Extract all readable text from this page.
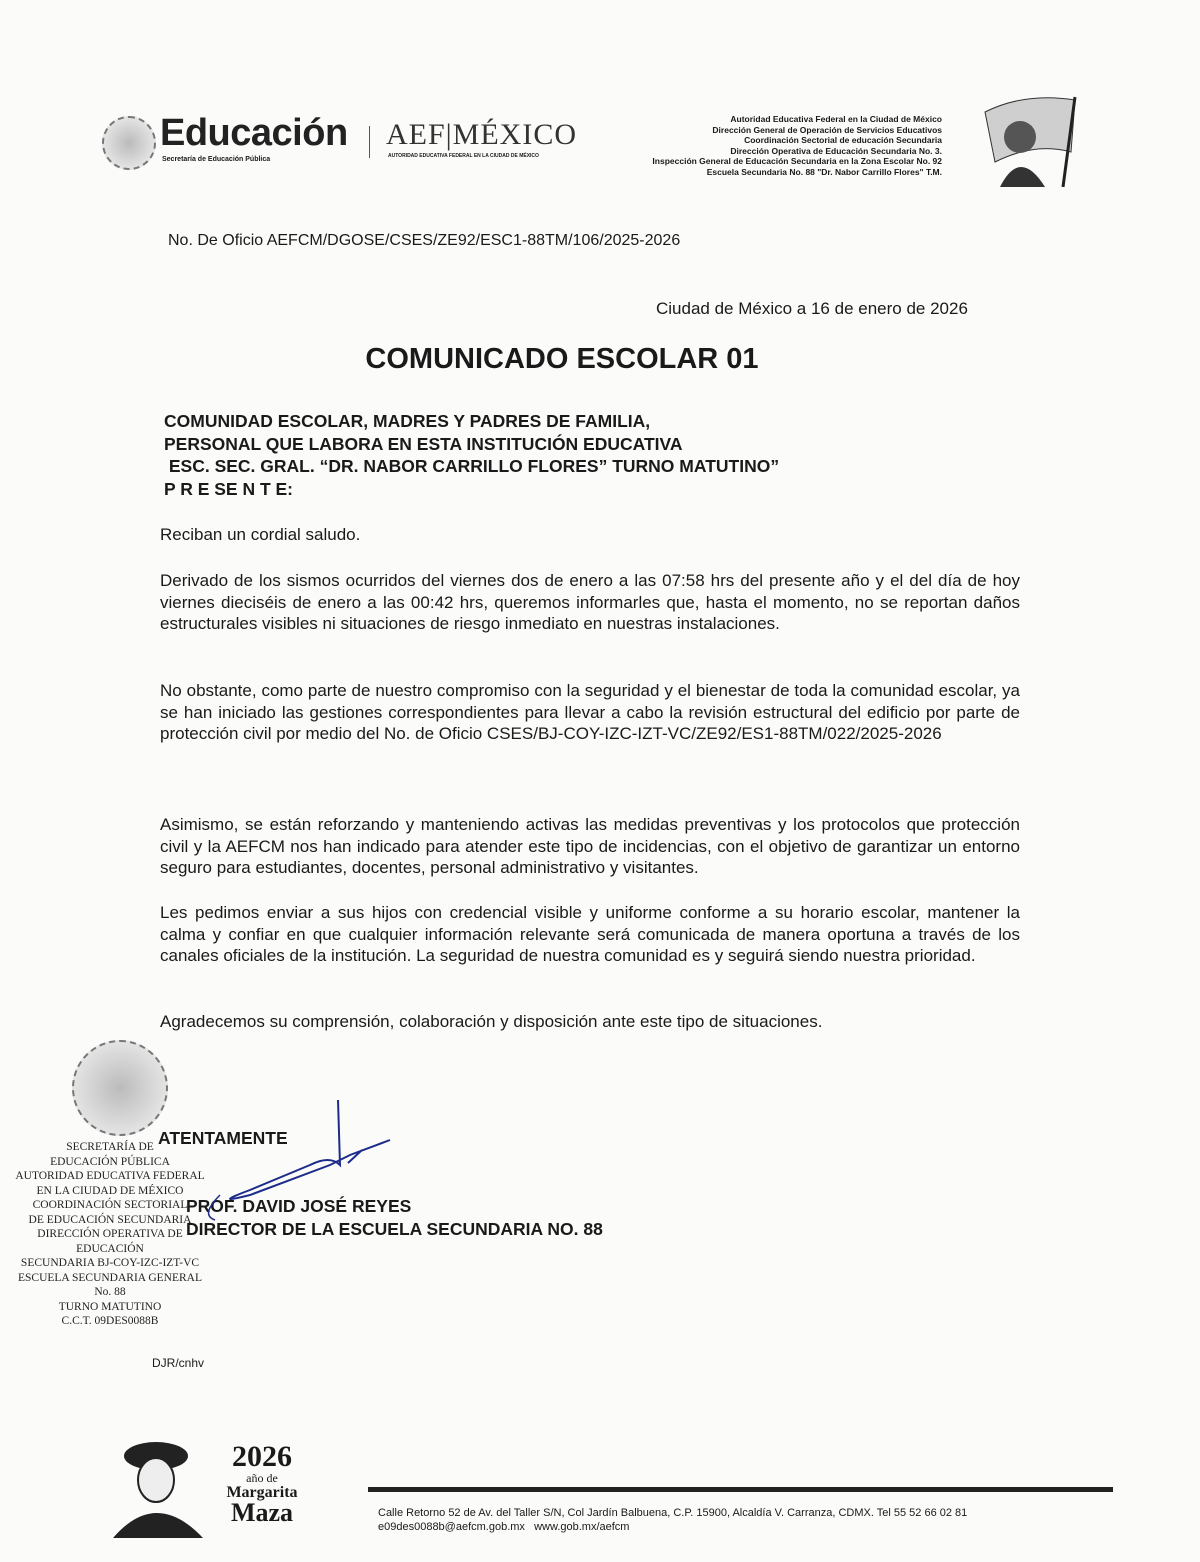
Educación
Secretaría de Educación Pública
AEF|MÉXICO
AUTORIDAD EDUCATIVA FEDERAL EN LA CIUDAD DE MÉXICO
Autoridad Educativa Federal en la Ciudad de México
Dirección General de Operación de Servicios Educativos
Coordinación Sectorial de educación Secundaria
Dirección Operativa de Educación Secundaria No. 3.
Inspección General de Educación Secundaria en la Zona Escolar No. 92
Escuela Secundaria No. 88 "Dr. Nabor Carrillo Flores" T.M.
No. De Oficio AEFCM/DGOSE/CSES/ZE92/ESC1-88TM/106/2025-2026
Ciudad de México a 16 de enero de 2026
COMUNICADO ESCOLAR 01
COMUNIDAD ESCOLAR, MADRES Y PADRES DE FAMILIA,
PERSONAL QUE LABORA EN ESTA INSTITUCIÓN EDUCATIVA
ESC. SEC. GRAL. “DR. NABOR CARRILLO FLORES” TURNO MATUTINO”
P R E SE N T E:
Reciban un cordial saludo.
Derivado de los sismos ocurridos del viernes dos de enero a las 07:58 hrs del presente año y el del día de hoy viernes dieciséis de enero a las 00:42 hrs, queremos informarles que, hasta el momento, no se reportan daños estructurales visibles ni situaciones de riesgo inmediato en nuestras instalaciones.
No obstante, como parte de nuestro compromiso con la seguridad y el bienestar de toda la comunidad escolar, ya se han iniciado las gestiones correspondientes para llevar a cabo la revisión estructural del edificio por parte de protección civil por medio del No. de Oficio CSES/BJ-COY-IZC-IZT-VC/ZE92/ES1-88TM/022/2025-2026
Asimismo, se están reforzando y manteniendo activas las medidas preventivas y los protocolos que protección civil y la AEFCM nos han indicado para atender este tipo de incidencias, con el objetivo de garantizar un entorno seguro para estudiantes, docentes, personal administrativo y visitantes.
Les pedimos enviar a sus hijos con credencial visible y uniforme conforme a su horario escolar, mantener la calma y confiar en que cualquier información relevante será comunicada de manera oportuna a través de los canales oficiales de la institución. La seguridad de nuestra comunidad es y seguirá siendo nuestra prioridad.
Agradecemos su comprensión, colaboración y disposición ante este tipo de situaciones.
SECRETARÍA DE
EDUCACIÓN PÚBLICA
AUTORIDAD EDUCATIVA FEDERAL
EN LA CIUDAD DE MÉXICO
COORDINACIÓN SECTORIAL
DE EDUCACIÓN SECUNDARIA
DIRECCIÓN OPERATIVA DE EDUCACIÓN
SECUNDARIA BJ-COY-IZC-IZT-VC
ESCUELA SECUNDARIA GENERAL No. 88
TURNO MATUTINO
C.C.T. 09DES0088B
ATENTAMENTE
PROF. DAVID JOSÉ REYES
DIRECTOR DE LA ESCUELA SECUNDARIA NO. 88
DJR/cnhv
2026
año de
Margarita
Maza	Calle Retorno 52 de Av. del Taller S/N, Col Jardín Balbuena, C.P. 15900, Alcaldía V. Carranza, CDMX. Tel 55 52 66 02 81
e09des0088b@aefcm.gob.mx www.gob.mx/aefcm
